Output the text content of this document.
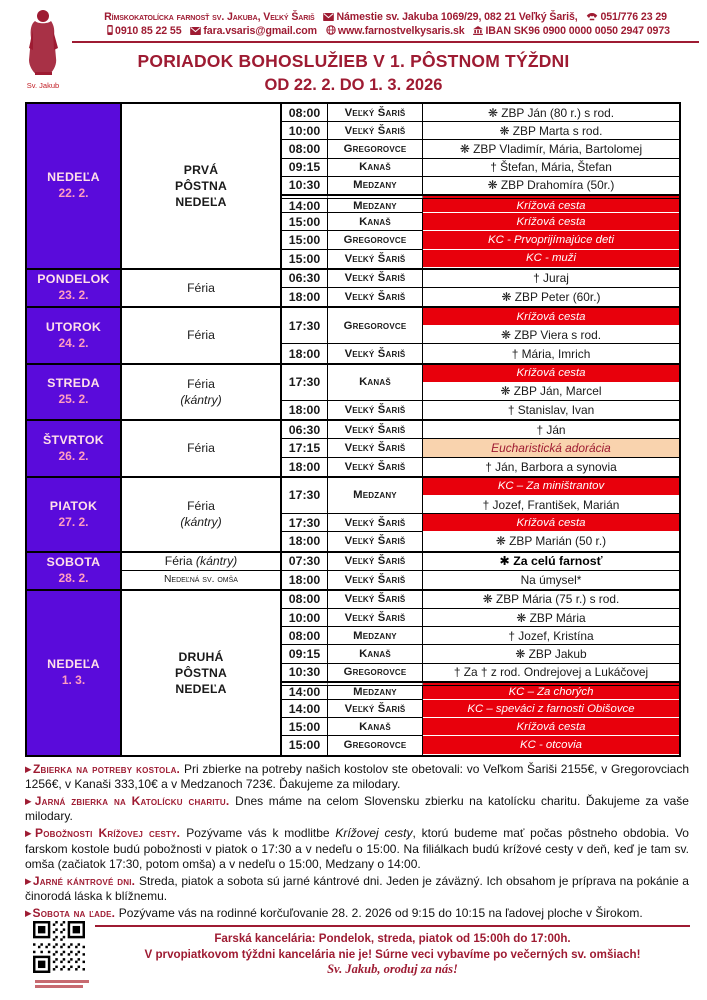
Sv. Jakub
Rímskokatolícka farnosť sv. Jakuba, Veľký Šariš
Námestie sv. Jakuba 1069/29, 082 21 Veľký Šariš,
051/776 23 29
0910 85 22 55
fara.vsaris@gmail.com
www.farnostvelkysaris.sk
IBAN SK96 0900 0000 0050 2947 0973
PORIADOK BOHOSLUŽIEB V 1. PÔSTNOM TÝŽDNI
OD 22. 2. DO 1. 3. 2026
NEDEĽA
22. 2.
PRVÁ
PÔSTNA
NEDEĽA
08:00	Veľký Šariš	❋ ZBP Ján (80 r.) s rod.
10:00	Veľký Šariš	❋ ZBP Marta s rod.
08:00	Gregorovce	❋ ZBP Vladimír, Mária, Bartolomej
09:15	Kanaš	† Štefan, Mária, Štefan
10:30	Medzany	❋ ZBP Drahomíra (50r.)
14:00	Medzany	Krížová cesta
15:00	Kanaš	Krížová cesta
15:00	Gregorovce	KC - Prvoprijímajúce deti
15:00	Veľký Šariš	KC - muži
PONDELOK
23. 2.
Féria
06:30	Veľký Šariš	† Juraj
18:00	Veľký Šariš	❋ ZBP Peter (60r.)
UTOROK
24. 2.
Féria
17:30	Gregorovce
Krížová cesta
❋ ZBP Viera s rod.
18:00	Veľký Šariš	† Mária, Imrich
STREDA
25. 2.
Féria
(kántry)
17:30	Kanaš
Krížová cesta
❋ ZBP Ján, Marcel
18:00	Veľký Šariš	† Stanislav, Ivan
ŠTVRTOK
26. 2.
Féria
06:30	Veľký Šariš	† Ján
17:15	Veľký Šariš	Eucharistická adorácia
18:00	Veľký Šariš	† Ján, Barbora a synovia
PIATOK
27. 2.
Féria
(kántry)
17:30	Medzany
KC – Za miništrantov
† Jozef, František, Marián
17:30	Veľký Šariš	Krížová cesta
18:00	Veľký Šariš	❋ ZBP Marián (50 r.)
SOBOTA
28. 2.
Féria (kántry)	07:30	Veľký Šariš	✱ Za celú farnosť
Nedeľná sv. omša	18:00	Veľký Šariš	Na úmysel*
NEDEĽA
1. 3.
DRUHÁ
PÔSTNA
NEDEĽA
08:00	Veľký Šariš	❋ ZBP Mária (75 r.) s rod.
10:00	Veľký Šariš	❋ ZBP Mária
08:00	Medzany	† Jozef, Kristína
09:15	Kanaš	❋ ZBP Jakub
10:30	Gregorovce	† Za † z rod. Ondrejovej a Lukáčovej
14:00	Medzany	KC – Za chorých
14:00	Veľký Šariš	KC – speváci z farnosti Obišovce
15:00	Kanaš	Krížová cesta
15:00	Gregorovce	KC - otcovia

▶Zbierka na potreby kostola. Pri zbierke na potreby našich kostolov ste obetovali: vo Veľkom Šariši 2155€, v Gregorovciach 1256€, v Kanaši 333,10€ a v Medzanoch 723€. Ďakujeme za milodary.

▶Jarná zbierka na Katolícku charitu. Dnes máme na celom Slovensku zbierku na katolícku charitu. Ďakujeme za vaše milodary.

▶Pobožnosti Krížovej cesty. Pozývame vás k modlitbe Krížovej cesty, ktorú budeme mať počas pôstneho obdobia. Vo farskom kostole budú pobožnosti v piatok o 17:30 a v nedeľu o 15:00. Na filiálkach budú krížové cesty v deň, keď je tam sv. omša (začiatok 17:30, potom omša) a v nedeľu o 15:00, Medzany o 14:00.

▶Jarné kántrové dni. Streda, piatok a sobota sú jarné kántrové dni. Jeden je záväzný. Ich obsahom je príprava na pokánie a činorodá láska k blížnemu.

▶Sobota na ľade. Pozývame vás na rodinné korčuľovanie 28. 2. 2026 od 9:15 do 10:15 na ľadovej ploche v Širokom.

Farská kancelária: Pondelok, streda, piatok od 15:00h do 17:00h.
V prvopiatkovom týždni kancelária nie je! Súrne veci vybavíme po večerných sv. omšiach!
Sv. Jakub, oroduj za nás!
